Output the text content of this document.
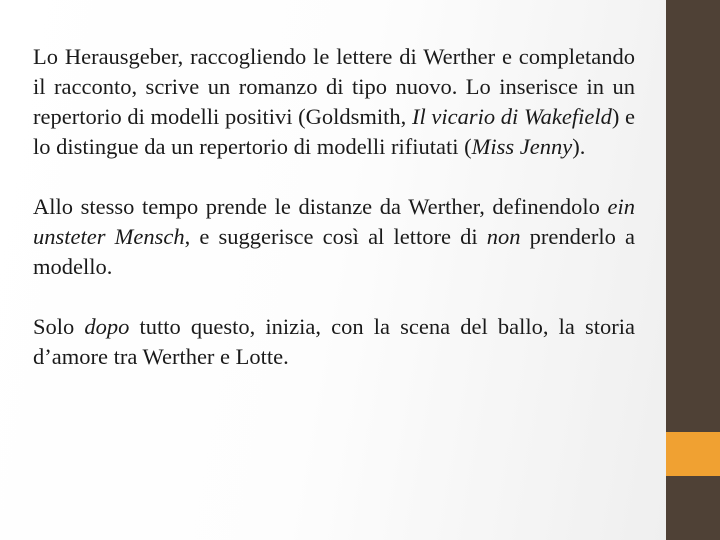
Lo Herausgeber, raccogliendo le lettere di Werther e completando il racconto, scrive un romanzo di tipo nuovo. Lo inserisce in un repertorio di modelli positivi (Goldsmith, Il vicario di Wakefield) e lo distingue da un repertorio di modelli rifiutati (Miss Jenny).

Allo stesso tempo prende le distanze da Werther, definendolo ein unsteter Mensch, e suggerisce così al lettore di non prenderlo a modello.

Solo dopo tutto questo, inizia, con la scena del ballo, la storia d’amore tra Werther e Lotte.
